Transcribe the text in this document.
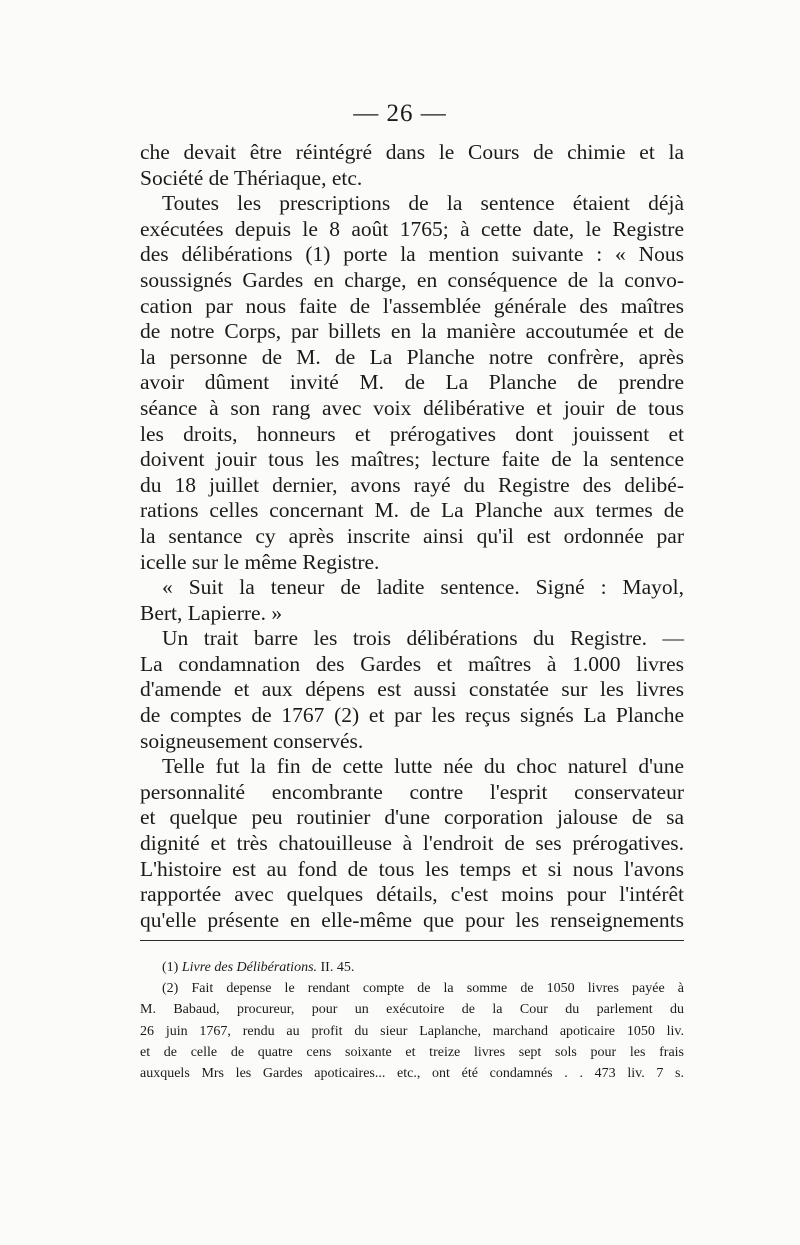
— 26 —
che devait être réintégré dans le Cours de chimie et la
Société de Thériaque, etc.
Toutes les prescriptions de la sentence étaient déjà
exécutées depuis le 8 août 1765; à cette date, le Registre
des délibérations (1) porte la mention suivante : « Nous
soussignés Gardes en charge, en conséquence de la convo-
cation par nous faite de l'assemblée générale des maîtres
de notre Corps, par billets en la manière accoutumée et de
la personne de M. de La Planche notre confrère, après
avoir dûment invité M. de La Planche de prendre
séance à son rang avec voix délibérative et jouir de tous
les droits, honneurs et prérogatives dont jouissent et
doivent jouir tous les maîtres; lecture faite de la sentence
du 18 juillet dernier, avons rayé du Registre des delibé-
rations celles concernant M. de La Planche aux termes de
la sentance cy après inscrite ainsi qu'il est ordonnée par
icelle sur le même Registre.
« Suit la teneur de ladite sentence. Signé : Mayol,
Bert, Lapierre. »
Un trait barre les trois délibérations du Registre. —
La condamnation des Gardes et maîtres à 1.000 livres
d'amende et aux dépens est aussi constatée sur les livres
de comptes de 1767 (2) et par les reçus signés La Planche
soigneusement conservés.
Telle fut la fin de cette lutte née du choc naturel d'une
personnalité encombrante contre l'esprit conservateur
et quelque peu routinier d'une corporation jalouse de sa
dignité et très chatouilleuse à l'endroit de ses prérogatives.
L'histoire est au fond de tous les temps et si nous l'avons
rapportée avec quelques détails, c'est moins pour l'intérêt
qu'elle présente en elle-même que pour les renseignements
(1) Livre des Délibérations. II. 45.
(2) Fait depense le rendant compte de la somme de 1050 livres payée à
M. Babaud, procureur, pour un exécutoire de la Cour du parlement du
26 juin 1767, rendu au profit du sieur Laplanche, marchand apoticaire 1050 liv.
et de celle de quatre cens soixante et treize livres sept sols pour les frais
auxquels Mrs les Gardes apoticaires... etc., ont été condamnés . . 473 liv. 7 s.
